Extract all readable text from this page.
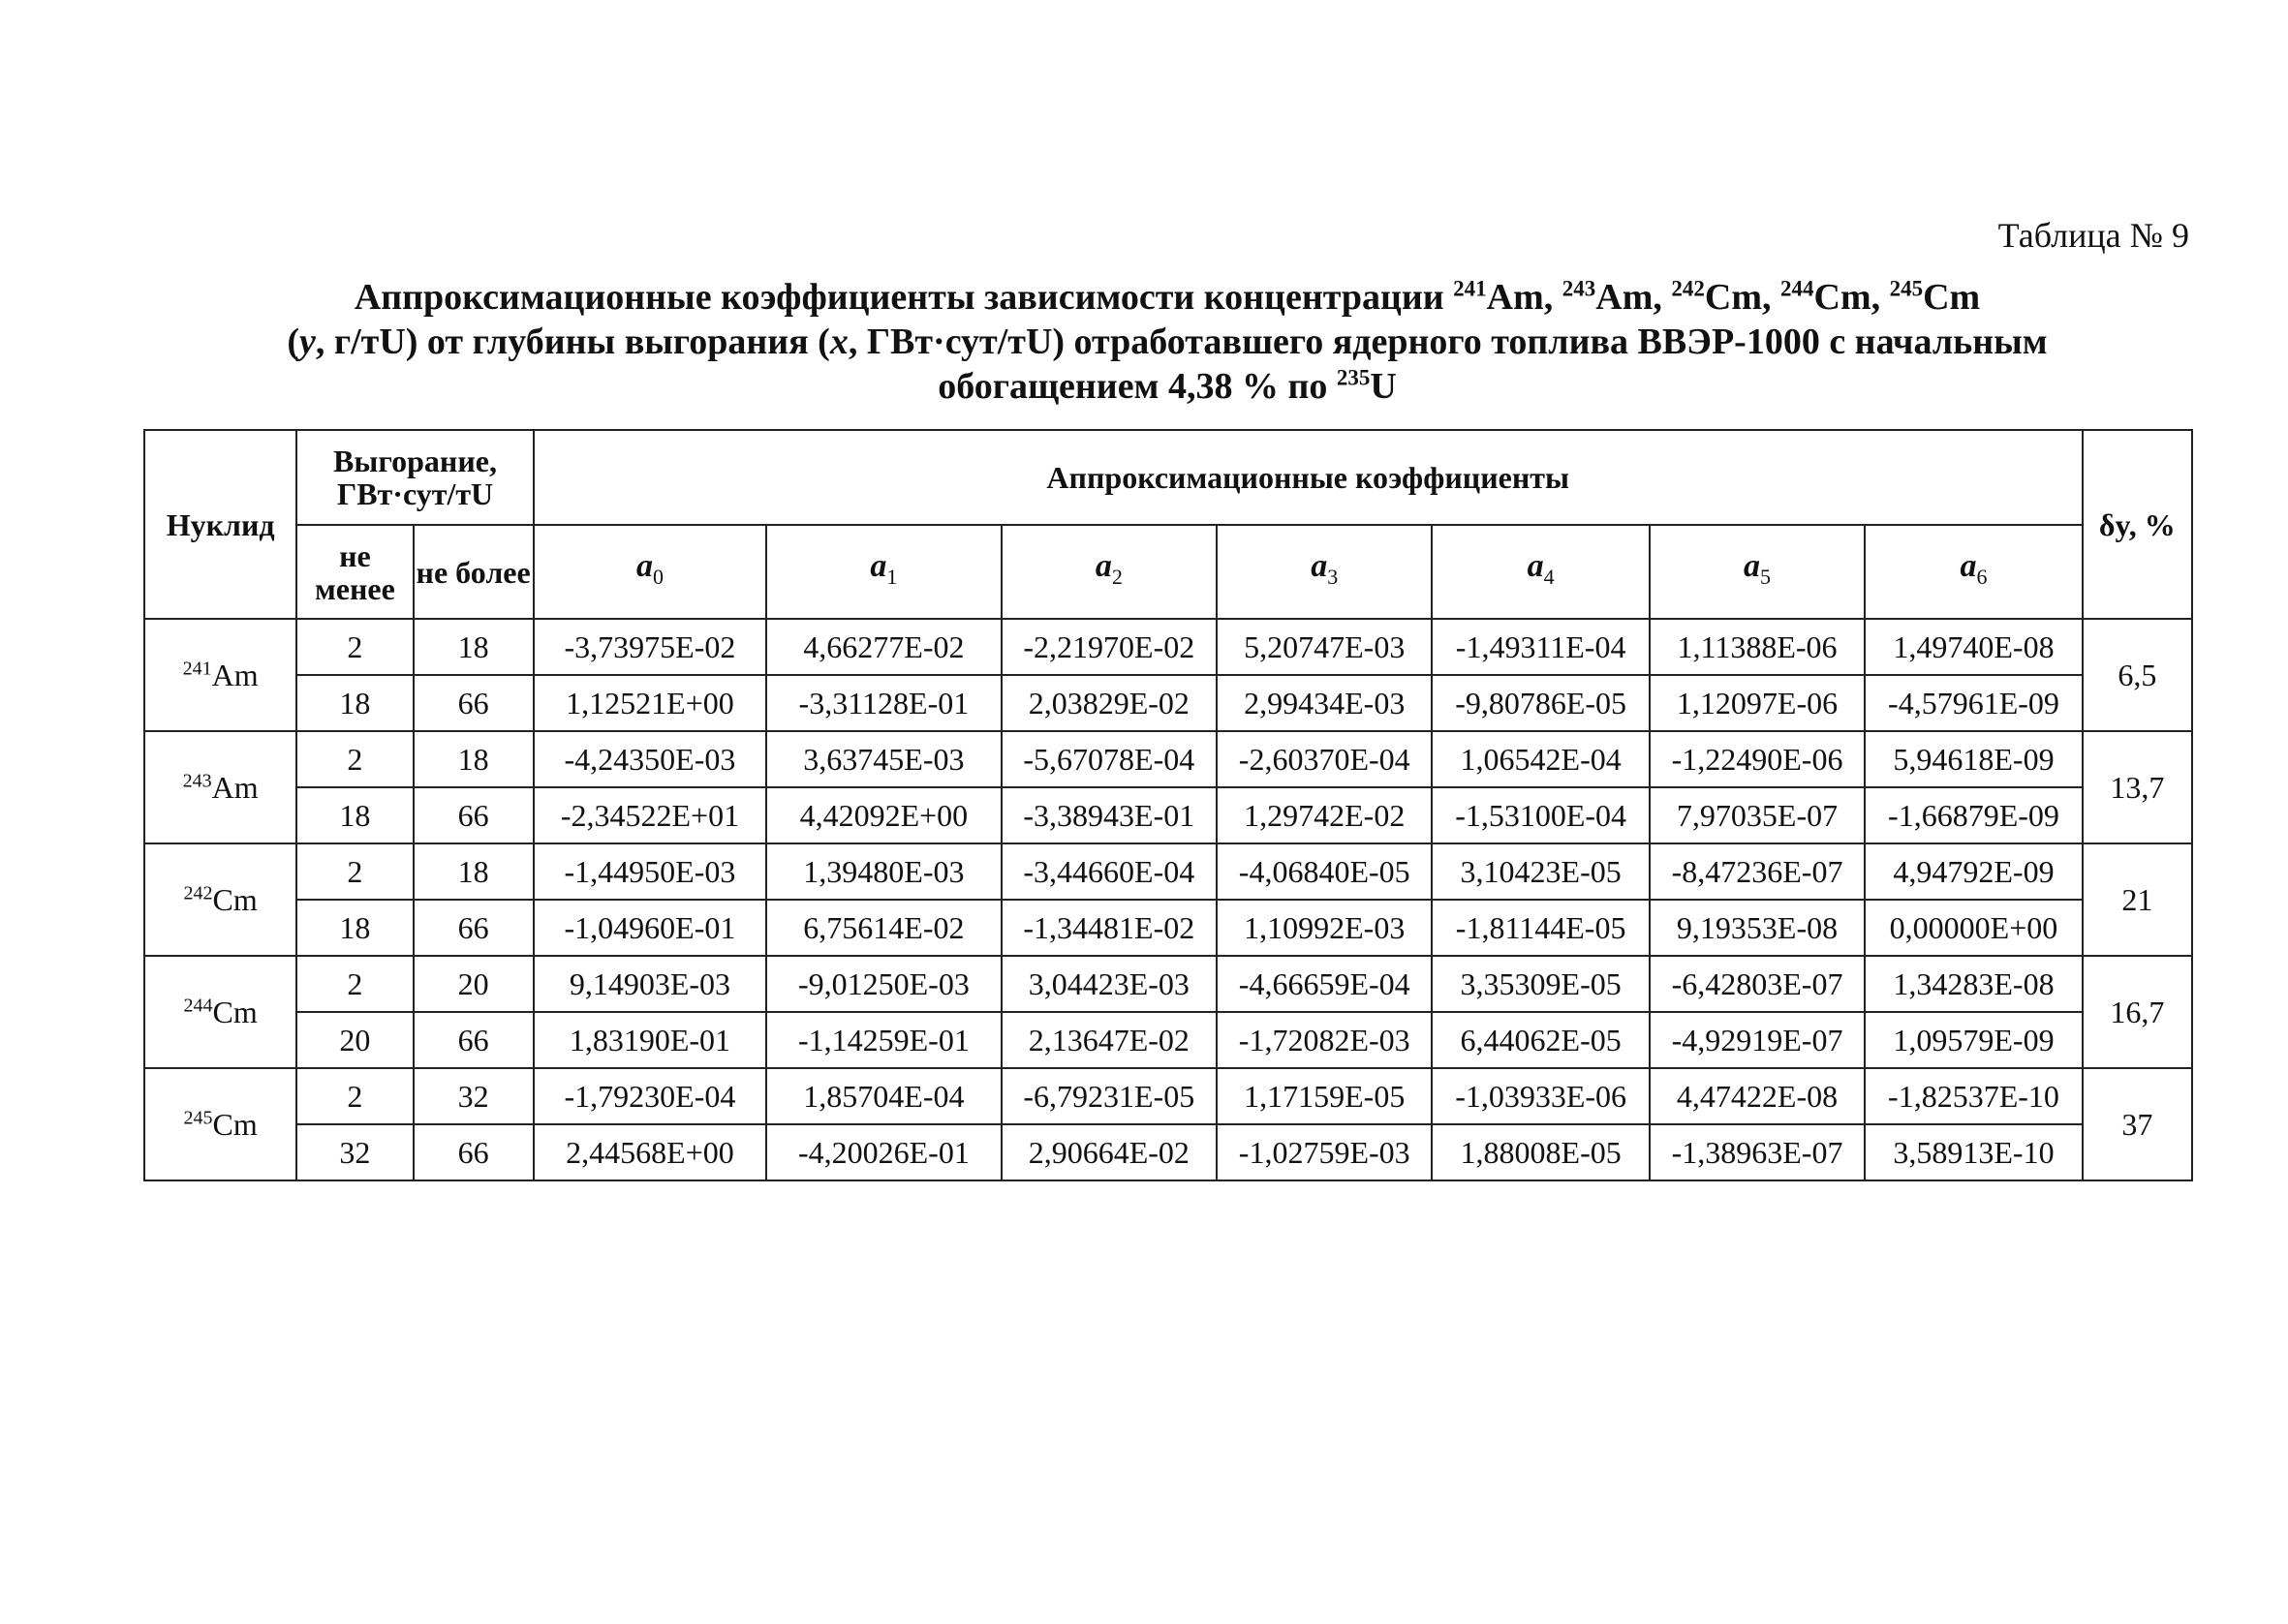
Таблица № 9
Аппроксимационные коэффициенты зависимости концентрации $^{241}$Am, $^{243}$Am, $^{242}$Cm, $^{244}$Cm, $^{245}$Cm
(y, г/тU) от глубины выгорания (x, ГВт·сут/тU) отработавшего ядерного топлива ВВЭР-1000 с начальным
обогащением 4,38 % по $^{235}$U
Нуклид	Выгорание, ГВт·сут/тU		Аппроксимационные коэффициенты							δy, %
	не менее	не более	$a_0$	$a_1$	$a_2$	$a_3$	$a_4$	$a_5$	$a_6$
$^{241}$Am	2	18	-3,73975E-02	4,66277E-02	-2,21970E-02	5,20747E-03	-1,49311E-04	1,11388E-06	1,49740E-08	6,5
	18	66	1,12521E+00	-3,31128E-01	2,03829E-02	2,99434E-03	-9,80786E-05	1,12097E-06	-4,57961E-09	
$^{243}$Am	2	18	-4,24350E-03	3,63745E-03	-5,67078E-04	-2,60370E-04	1,06542E-04	-1,22490E-06	5,94618E-09	13,7
	18	66	-2,34522E+01	4,42092E+00	-3,38943E-01	1,29742E-02	-1,53100E-04	7,97035E-07	-1,66879E-09	
$^{242}$Cm	2	18	-1,44950E-03	1,39480E-03	-3,44660E-04	-4,06840E-05	3,10423E-05	-8,47236E-07	4,94792E-09	21
	18	66	-1,04960E-01	6,75614E-02	-1,34481E-02	1,10992E-03	-1,81144E-05	9,19353E-08	0,00000E+00	
$^{244}$Cm	2	20	9,14903E-03	-9,01250E-03	3,04423E-03	-4,66659E-04	3,35309E-05	-6,42803E-07	1,34283E-08	16,7
	20	66	1,83190E-01	-1,14259E-01	2,13647E-02	-1,72082E-03	6,44062E-05	-4,92919E-07	1,09579E-09	
$^{245}$Cm	2	32	-1,79230E-04	1,85704E-04	-6,79231E-05	1,17159E-05	-1,03933E-06	4,47422E-08	-1,82537E-10	37
	32	66	2,44568E+00	-4,20026E-01	2,90664E-02	-1,02759E-03	1,88008E-05	-1,38963E-07	3,58913E-10	
